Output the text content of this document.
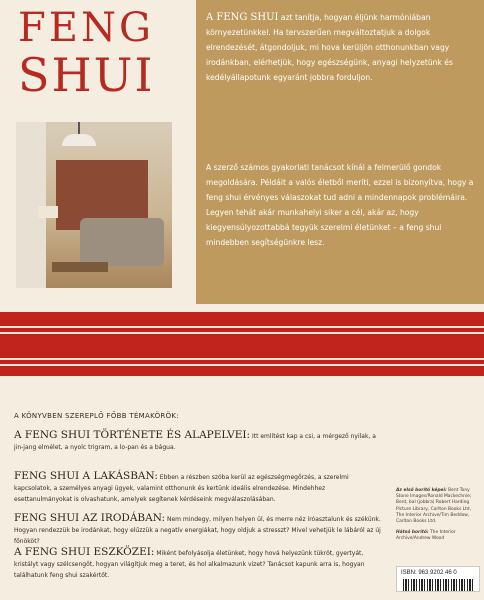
FENG
SHUI
A FENG SHUI azt tanítja, hogyan éljünk harmóniában környezetünkkel. Ha tervszerűen megváltoztatjuk a dolgok elrendezését, átgondoljuk, mi hova kerüljön otthonunkban vagy irodánkban, elérhetjük, hogy egészségünk, anyagi helyzetünk és kedélyállapotunk egyaránt jobbra forduljon.
A szerző számos gyakorlati tanácsot kínál a felmerülő gondok megoldására. Példáit a valós életből meríti, ezzel is bizonyítva, hogy a feng shui érvényes válaszokat tud adni a mindennapok problémáira. Legyen tehát akár munkahelyi siker a cél, akár az, hogy kiegyensúlyozottabbá tegyük szerelmi életünket – a feng shui mindebben segítségünkre lesz.
A KÖNYVBEN SZEREPLŐ FŐBB TÉMAKÖRÖK:
A FENG SHUI TÖRTÉNETE ÉS ALAPELVEI: Itt említést kap a csi, a mérgező nyilak, a jin-jang elmélet, a nyolc trigram, a lo-pan és a bágua.
FENG SHUI A LAKÁSBAN: Ebben a részben szóba kerül az egészségmegőrzés, a szerelmi kapcsolatok, a személyes anyagi ügyek, valamint otthonunk és kertünk ideális elrendezése. Mindehhez esettanulmányokat is olvashatunk, amelyek segítenek kérdéseink megválaszolásában.
FENG SHUI AZ IRODÁBAN: Nem mindegy, milyen helyen ül, és merre néz íróasztalunk és székünk. Hogyan rendezzük be irodánkat, hogy elűzzük a negatív energiákat, hogy oldjuk a stresszt? Mivel vehetjük le lábáról az új főnököt?
A FENG SHUI ESZKÖZEI: Miként befolyásolja életünket, hogy hová helyezünk tükröt, gyertyát, kristályt vagy szélcsengőt, hogyan világítjuk meg a teret, és hol alkalmazunk vizet? Tanácsot kapunk arra is, hogyan találhatunk feng shui szakértőt.
Az első borító képei: Bent Tony Stone Images/Ronald Mackechnie; Bent, bal (jobbra) Robert Harding Picture Library, Carlton Books Ltd, The Interior Archive/Tim Beddow, Carlton Books Ltd.
Hátsó borító: The Interior Archive/Andrew Wood
ISBN: 963 9202 46 0
